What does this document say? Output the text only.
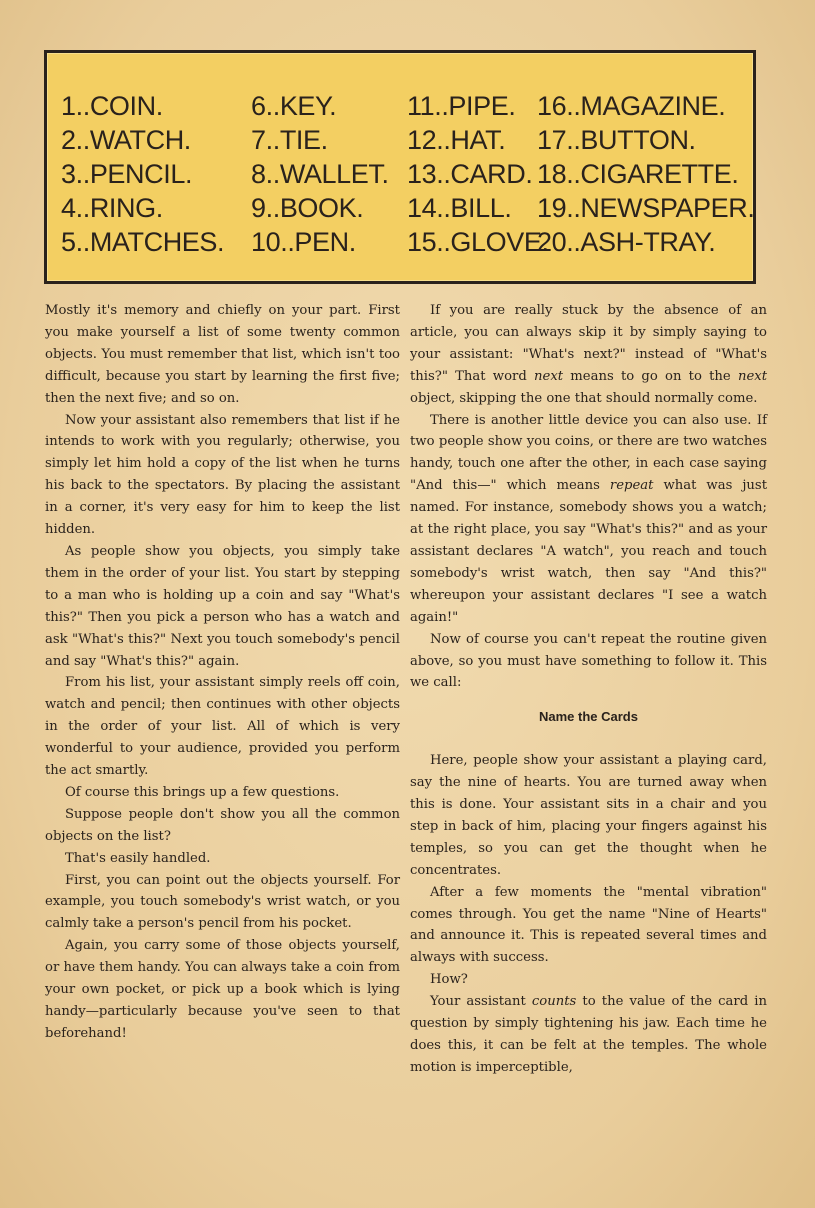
1..COIN.
2..WATCH.
3..PENCIL.
4..RING.
5..MATCHES.
6..KEY.
7..TIE.
8..WALLET.
9..BOOK.
10..PEN.
11..PIPE.
12..HAT.
13..CARD.
14..BILL.
15..GLOVE.
16..MAGAZINE.
17..BUTTON.
18..CIGARETTE.
19..NEWSPAPER.
20..ASH-TRAY.

Mostly it's memory and chiefly on your part. First you make yourself a list of some twenty common objects. You must remember that list, which isn't too difficult, because you start by learning the first five; then the next five; and so on.

Now your assistant also remembers that list if he intends to work with you regularly; otherwise, you simply let him hold a copy of the list when he turns his back to the spectators. By placing the assistant in a corner, it's very easy for him to keep the list hidden.

As people show you objects, you simply take them in the order of your list. You start by stepping to a man who is holding up a coin and say "What's this?" Then you pick a person who has a watch and ask "What's this?" Next you touch somebody's pencil and say "What's this?" again.

From his list, your assistant simply reels off coin, watch and pencil; then continues with other objects in the order of your list. All of which is very wonderful to your audience, provided you perform the act smartly.

Of course this brings up a few questions.

Suppose people don't show you all the common objects on the list?

That's easily handled.

First, you can point out the objects yourself. For example, you touch somebody's wrist watch, or you calmly take a person's pencil from his pocket.

Again, you carry some of those objects yourself, or have them handy. You can always take a coin from your own pocket, or pick up a book which is lying handy—particularly because you've seen to that beforehand!

If you are really stuck by the absence of an article, you can always skip it by simply saying to your assistant: "What's next?" instead of "What's this?" That word next means to go on to the next object, skipping the one that should normally come.

There is another little device you can also use. If two people show you coins, or there are two watches handy, touch one after the other, in each case saying "And this—" which means repeat what was just named. For instance, somebody shows you a watch; at the right place, you say "What's this?" and as your assistant declares "A watch", you reach and touch somebody's wrist watch, then say "And this?" whereupon your assistant declares "I see a watch again!"

Now of course you can't repeat the routine given above, so you must have something to follow it. This we call:

Name the Cards

Here, people show your assistant a playing card, say the nine of hearts. You are turned away when this is done. Your assistant sits in a chair and you step in back of him, placing your fingers against his temples, so you can get the thought when he concentrates.

After a few moments the "mental vibration" comes through. You get the name "Nine of Hearts" and announce it. This is repeated several times and always with success.

How?

Your assistant counts to the value of the card in question by simply tightening his jaw. Each time he does this, it can be felt at the temples. The whole motion is imperceptible,
